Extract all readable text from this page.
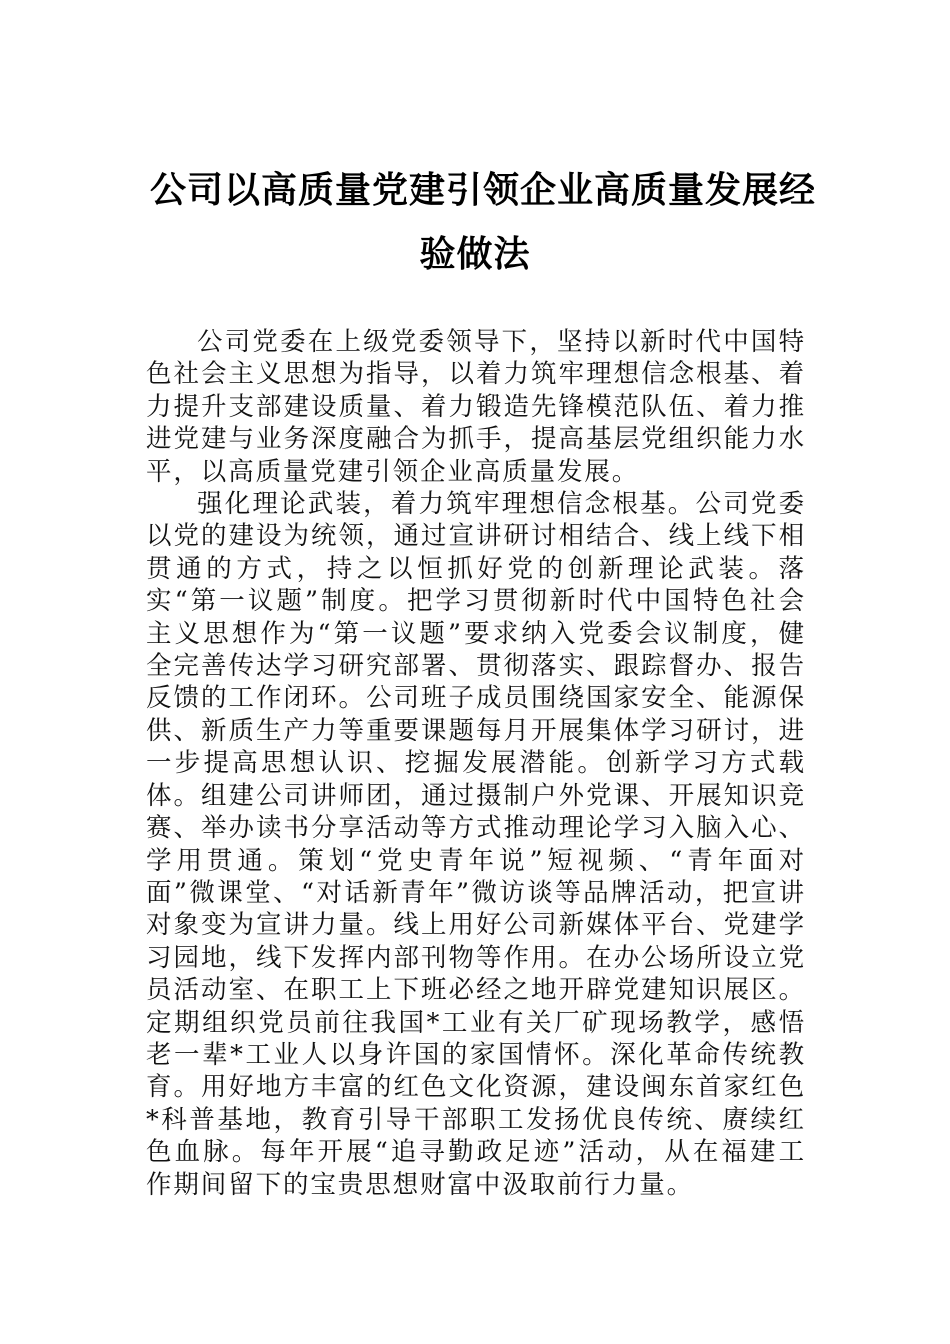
公司以高质量党建引领企业高质量发展经
验做法

公司党委在上级党委领导下，坚持以新时代中国特色社会主义思想为指导，以着力筑牢理想信念根基、着力提升支部建设质量、着力锻造先锋模范队伍、着力推进党建与业务深度融合为抓手，提高基层党组织能力水平，以高质量党建引领企业高质量发展。

强化理论武装，着力筑牢理想信念根基。公司党委以党的建设为统领，通过宣讲研讨相结合、线上线下相贯通的方式，持之以恒抓好党的创新理论武装。落实“第一议题”制度。把学习贯彻新时代中国特色社会主义思想作为“第一议题”要求纳入党委会议制度，健全完善传达学习研究部署、贯彻落实、跟踪督办、报告反馈的工作闭环。公司班子成员围绕国家安全、能源保供、新质生产力等重要课题每月开展集体学习研讨，进一步提高思想认识、挖掘发展潜能。创新学习方式载体。组建公司讲师团，通过摄制户外党课、开展知识竞赛、举办读书分享活动等方式推动理论学习入脑入心、学用贯通。策划“党史青年说”短视频、“青年面对面”微课堂、“对话新青年”微访谈等品牌活动，把宣讲对象变为宣讲力量。线上用好公司新媒体平台、党建学习园地，线下发挥内部刊物等作用。在办公场所设立党员活动室、在职工上下班必经之地开辟党建知识展区。定期组织党员前往我国*工业有关厂矿现场教学，感悟老一辈*工业人以身许国的家国情怀。深化革命传统教育。用好地方丰富的红色文化资源，建设闽东首家红色*科普基地，教育引导干部职工发扬优良传统、赓续红色血脉。每年开展“追寻勤政足迹”活动，从在福建工作期间留下的宝贵思想财富中汲取前行力量。
